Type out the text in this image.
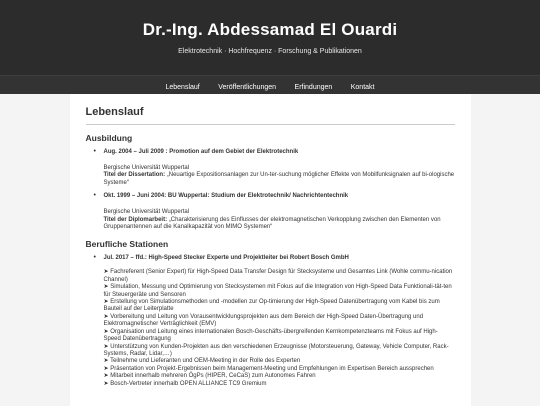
Dr.-Ing. Abdessamad El Ouardi
Elektrotechnik · Hochfrequenz · Forschung & Publikationen
Lebenslauf	Veröffentlichungen	Erfindungen	Kontakt
Lebenslauf
Ausbildung
• Aug. 2004 – Juli 2009 : Promotion auf dem Gebiet der Elektrotechnik
Bergische Universität Wuppertal
Titel der Dissertation: „Neuartige Expositionsanlagen zur Un-ter-suchung möglicher Effekte von Mobilfunksignalen auf bi-ologische Systeme“
• Okt. 1999 – Juni 2004: BU Wuppertal: Studium der Elektrotechnik/ Nachrichtentechnik
Bergische Universität Wuppertal
Titel der Diplomarbeit: „Charakterisierung des Einflusses der elektromagnetischen Verkopplung zwischen den Elementen von Gruppenantennen auf die Kanalkapazität von MIMO Systemen“
Berufliche Stationen
• Jul. 2017 – ffd.: High-Speed Stecker Experte und Projektleiter bei Robert Bosch GmbH
➤ Fachreferent (Senior Expert) für High-Speed Data Transfer Design für Stecksysteme und Gesamtes Link (Wohle commu-nication Channel)
➤ Simulation, Messung und Optimierung von Stecksystemen mit Fokus auf die Integration von High-Speed Data Funktionali-tät-ten für Steuergeräte und Sensoren
➤ Erstellung von Simulationsmethoden und -modellen zur Op-timierung der High-Speed Datenübertragung vom Kabel bis zum Bauteil auf der Leiterplatte
➤ Vorbereitung und Leitung von Vorausentwicklungsprojekten aus dem Bereich der High-Speed Daten-Übertragung und Elektromagnetischer Verträglichkeit (EMV)
➤ Organisation und Leitung eines internationalen Bosch-Geschäfts-übergreifenden Kernkompetenzteams mit Fokus auf High-Speed Datenübertragung
➤ Unterstützung von Kunden-Projekten aus den verschiedenen Erzeugnisse (Motorsteuerung, Gateway, Vehicle Computer, Rack-Systems, Radar, Lidar,…)
➤ Teilnehme und Lieferanten und OEM-Meeting in der Rolle des Experten
➤ Präsentation von Projekt-Ergebnissen beim Management-Meeting und Empfehlungen im Expertisen Bereich aussprechen
➤ Mitarbeit innerhalb mehreren ÖgPs (HIPER, CeCaS) zum Autonomes Fahren
➤ Bosch-Vertreter innerhalb OPEN ALLIANCE TC9 Gremium
